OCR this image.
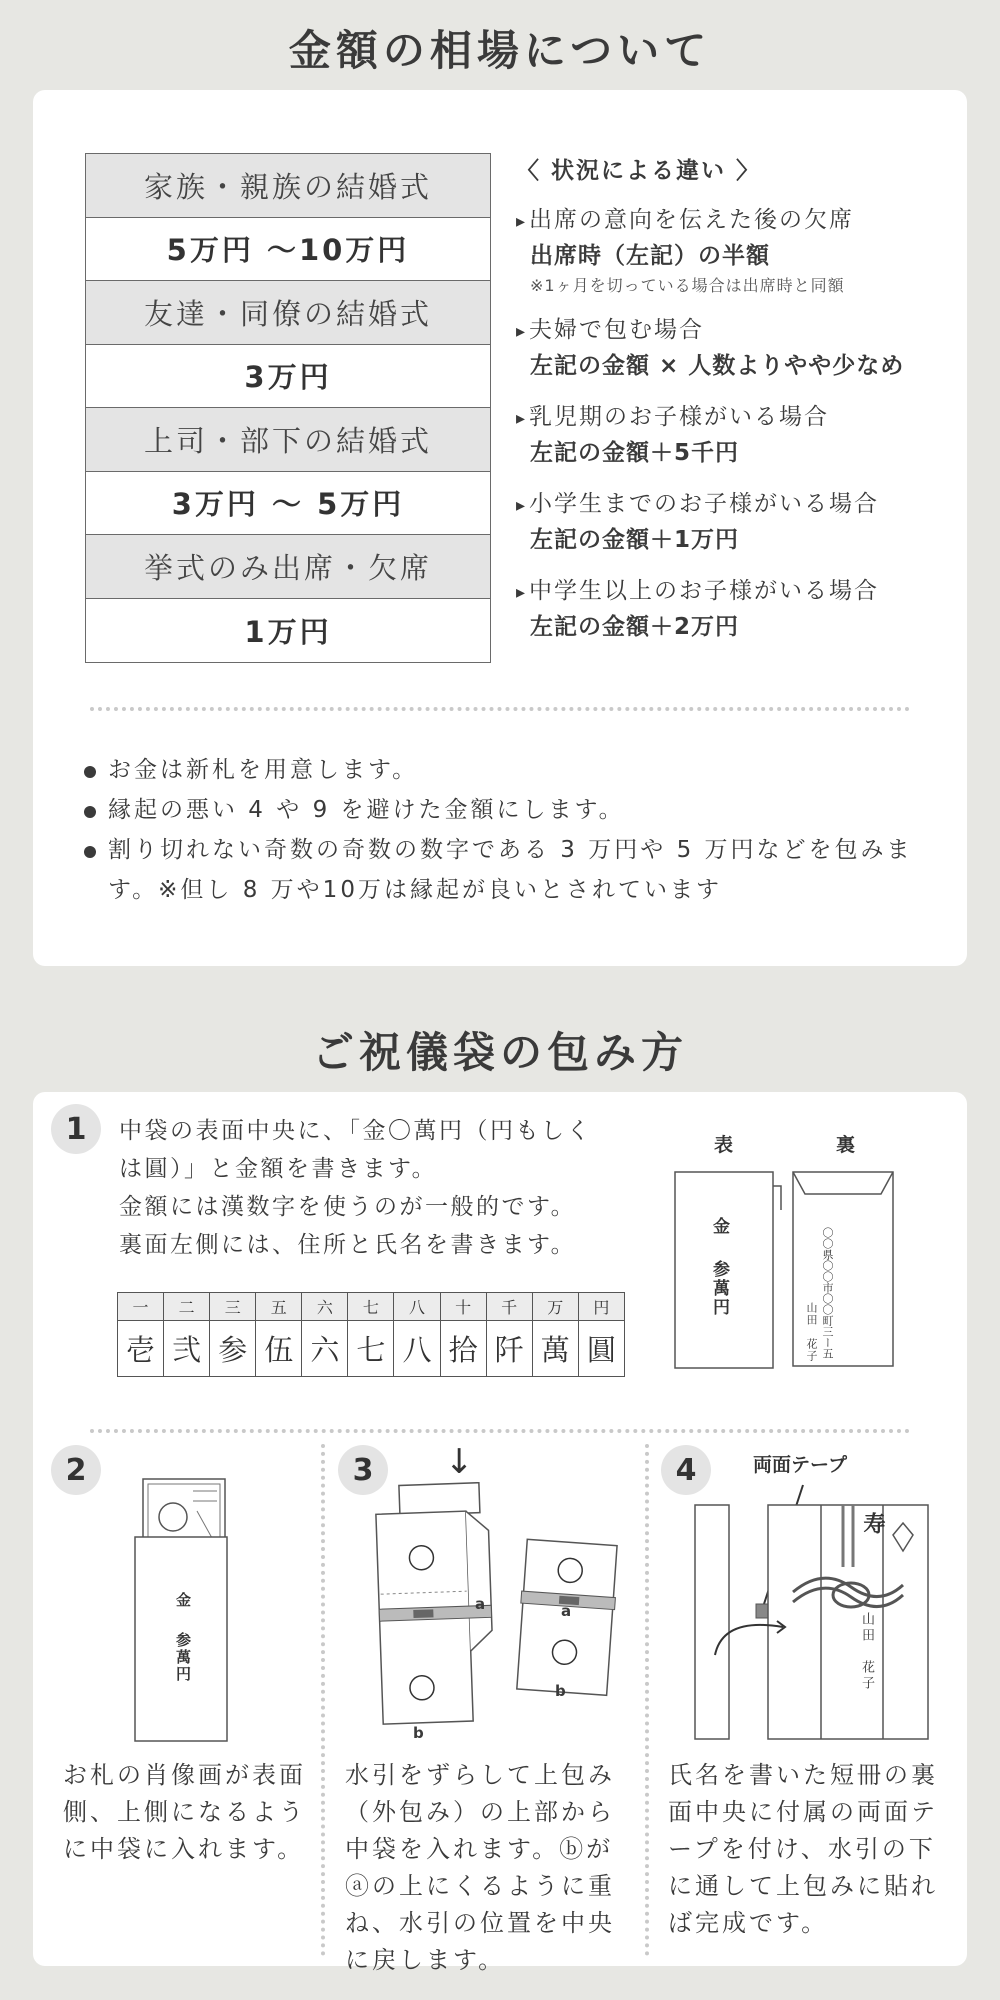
金額の相場について
家族・親族の結婚式
5万円 ～10万円
友達・同僚の結婚式
3万円
上司・部下の結婚式
3万円 ～ 5万円
挙式のみ出席・欠席
1万円
〈 状況による違い 〉
▸ 出席の意向を伝えた後の欠席
出席時（左記）の半額
※1ヶ月を切っている場合は出席時と同額
▸ 夫婦で包む場合
左記の金額 × 人数よりやや少なめ
▸ 乳児期のお子様がいる場合
左記の金額＋5千円
▸ 小学生までのお子様がいる場合
左記の金額＋1万円
▸ 中学生以上のお子様がいる場合
左記の金額＋2万円
お金は新札を用意します。
縁起の悪い 4 や 9 を避けた金額にします。
割り切れない奇数の奇数の数字である 3 万円や 5 万円などを包みます。※但し 8 万や10万は縁起が良いとされています
ご祝儀袋の包み方
1	中袋の表面中央に、「金〇萬円（円もしく
は圓）」と金額を書きます。
金額には漢数字を使うのが一般的です。
裏面左側には、住所と氏名を書きます。
一	二	三	五	六	七	八	十	千	万	円
壱	弐	参	伍	六	七	八	拾	阡	萬	圓
表	裏
金
参萬円	〇〇県〇〇市〇〇町三ー五
山田　花子
2
金
参萬円
お札の肖像画が表面側、上側になるように中袋に入れます。
3	↓
a
b
a
b
水引をずらして上包み（外包み）の上部から中袋を入れます。ⓑがⓐの上にくるように重ね、水引の位置を中央に戻します。
4	両面テープ
寿
山田　花子
氏名を書いた短冊の裏面中央に付属の両面テープを付け、水引の下に通して上包みに貼れば完成です。
